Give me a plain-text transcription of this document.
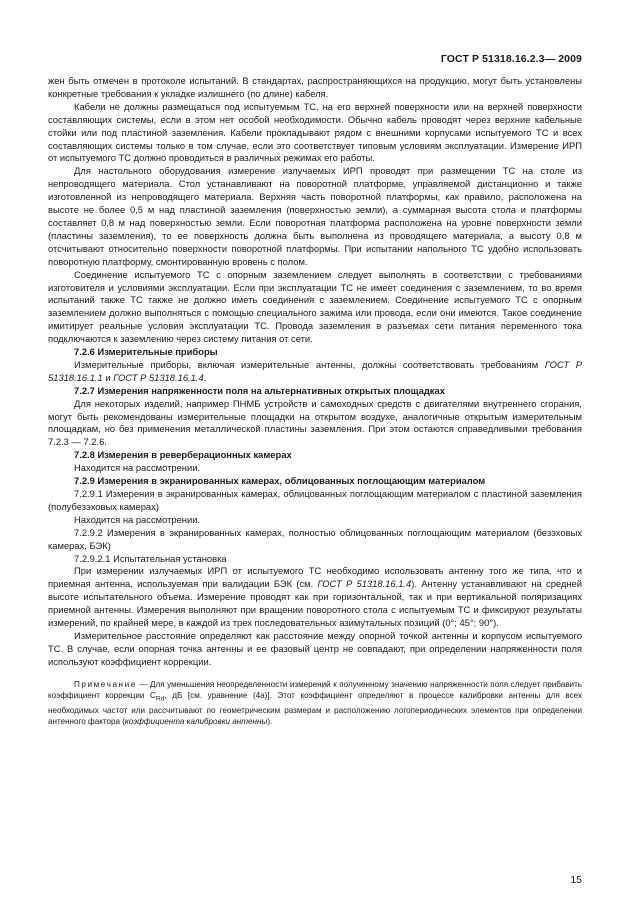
ГОСТ Р 51318.16.2.3— 2009

жен быть отмечен в протоколе испытаний. В стандартах, распространяющихся на продукцию, могут быть установлены конкретные требования к укладке излишнего (по длине) кабеля.

Кабели не должны размещаться под испытуемым ТС, на его верхней поверхности или на верхней поверхности составляющих системы, если в этом нет особой необходимости. Обычно кабель проводят через верхние кабельные стойки или под пластиной заземления. Кабели прокладывают рядом с внешними корпусами испытуемого ТС и всех составляющих системы только в том случае, если это соответствует типовым условиям эксплуатации. Измерение ИРП от испытуемого ТС должно проводиться в различных режимах его работы.

Для настольного оборудования измерение излучаемых ИРП проводят при размещении ТС на столе из непроводящего материала. Стол устанавливают на поворотной платформе, управляемой дистанционно и также изготовленной из непроводящего материала. Верхняя часть поворотной платформы, как правило, расположена на высоте не более 0,5 м над пластиной заземления (поверхностью земли), а суммарная высота стола и платформы составляет 0,8 м над поверхностью земли. Если поворотная платформа расположена на уровне поверхности земли (пластины заземления), то ее поверхность должна быть выполнена из проводящего материала, а высоту 0,8 м отсчитывают относительно поверхности поворотной платформы. При испытании напольного ТС удобно использовать поворотную платформу, смонтированную вровень с полом.

Соединение испытуемого ТС с опорным заземлением следует выполнять в соответствии с требованиями изготовителя и условиями эксплуатации. Если при эксплуатации ТС не имеет соединения с заземлением, то во время испытаний также ТС также не должно иметь соединения с заземлением. Соединение испытуемого ТС с опорным заземлением должно выполняться с помощью специального зажима или провода, если они имеются. Такое соединение имитирует реальные условия эксплуатации ТС. Провода заземления в разъемах сети питания переменного тока подключаются к заземлению через систему питания от сети.

7.2.6 Измерительные приборы

Измерительные приборы, включая измерительные антенны, должны соответствовать требованиям ГОСТ Р 51318.16.1.1 и ГОСТ Р 51318.16.1.4.

7.2.7 Измерения напряженности поля на альтернативных открытых площадках

Для некоторых изделий, например ПНМБ устройств и самоходных средств с двигателями внутреннего сгорания, могут быть рекомендованы измерительные площадки на открытом воздухе, аналогичные открытым измерительным площадкам, но без применения металлической пластины заземления. При этом остаются справедливыми требования 7.2.3 — 7.2.6.

7.2.8 Измерения в реверберационных камерах

Находится на рассмотрении.

7.2.9 Измерения в экранированных камерах, облицованных поглощающим материалом

7.2.9.1 Измерения в экранированных камерах, облицованных поглощающим материалом с пластиной заземления (полубезэховых камерах)

Находится на рассмотрении.

7.2.9.2 Измерения в экранированных камерах, полностью облицованных поглощающим материалом (безэховых камерах, БЭК)

7.2.9.2.1 Испытательная установка

При измерении излучаемых ИРП от испытуемого ТС необходимо использовать антенну того же типа, что и приемная антенна, используемая при валидации БЭК (см. ГОСТ Р 51318.16.1.4). Антенну устанавливают на средней высоте испытательного объема. Измерение проводят как при горизонтальной, так и при вертикальной поляризациях приемной антенны. Измерения выполняют при вращении поворотного стола с испытуемым ТС и фиксируют результаты измерений, по крайней мере, в каждой из трех последовательных азимутальных позиций (0°; 45°; 90°).

Измерительное расстояние определяют как расстояние между опорной точкой антенны и корпусом испытуемого ТС. В случае, если опорная точка антенны и ее фазовый центр не совпадают, при определении напряженности поля используют коэффициент коррекции.

Примечание — Для уменьшения неопределенности измерений к полученному значению напряженности поля следует прибавить коэффициент коррекции $C_{Rd}$, дБ [см. уравнение (4а)]. Этот коэффициент определяют в процессе калибровки антенны для всех необходимых частот или рассчитывают по геометрическим размерам и расположению логопериодических элементов при определении антенного фактора (коэффициента калибровки антенны).

15
